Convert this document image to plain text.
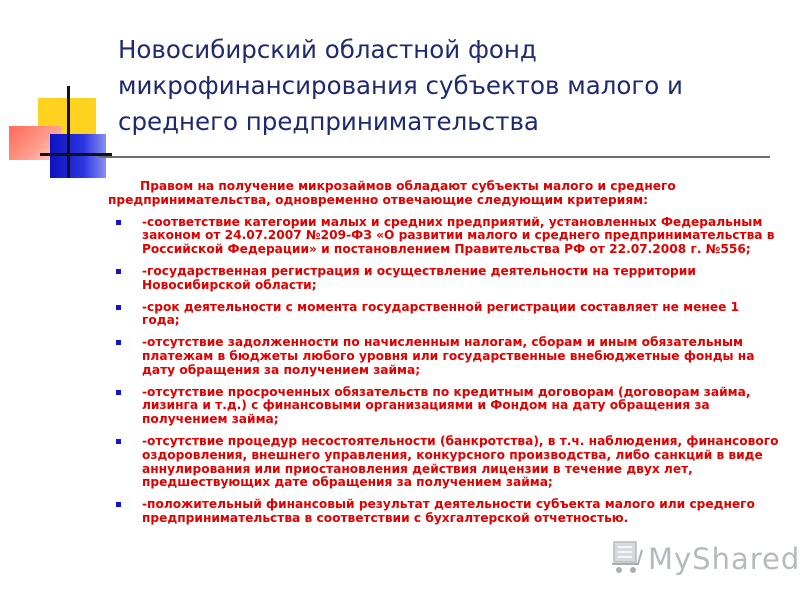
Новосибирский областной фонд микрофинансирования субъектов малого и среднего предпринимательства

Правом на получение микрозаймов обладают субъекты малого и среднего предпринимательства, одновременно отвечающие следующим критериям:

-соответствие категории малых и средних предприятий, установленных Федеральным законом от 24.07.2007 №209-ФЗ «О развитии малого и среднего предпринимательства в Российской Федерации» и постановлением Правительства РФ от 22.07.2008 г. №556;
-государственная регистрация и осуществление деятельности на территории Новосибирской области;
-срок деятельности с момента государственной регистрации составляет не менее 1 года;
-отсутствие задолженности по начисленным налогам, сборам и иным обязательным платежам в бюджеты любого уровня или государственные внебюджетные фонды на дату обращения за получением займа;
-отсутствие просроченных обязательств по кредитным договорам (договорам займа, лизинга и т.д.) с финансовыми организациями и Фондом на дату обращения за получением займа;
-отсутствие процедур несостоятельности (банкротства), в т.ч. наблюдения, финансового оздоровления, внешнего управления, конкурсного производства, либо санкций в виде аннулирования или приостановления действия лицензии в течение двух лет, предшествующих дате обращения за получением займа;
-положительный финансовый результат деятельности субъекта малого или среднего предпринимательства в соответствии с бухгалтерской отчетностью.
MyShared
